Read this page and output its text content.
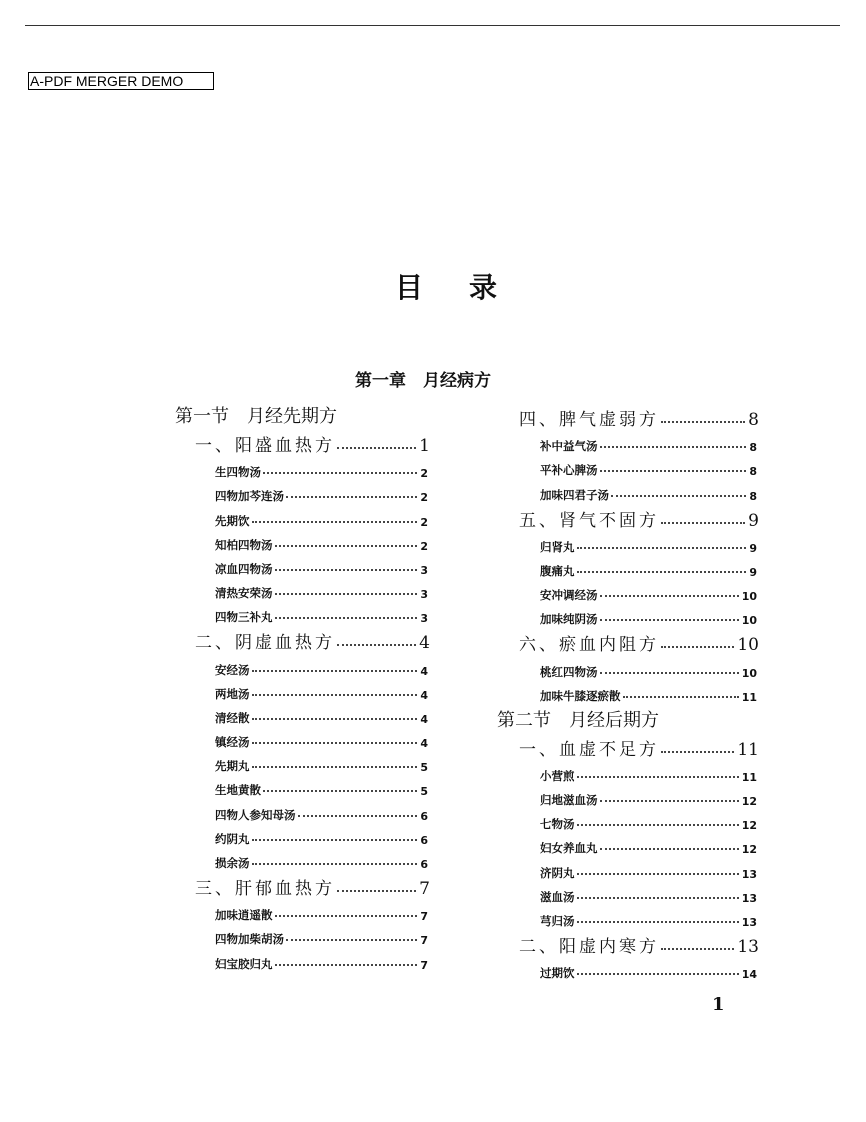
A-PDF MERGER DEMO
目录
第一章　月经病方
第一节　月经先期方
一、阳盛血热方	1
生四物汤	2
四物加芩连汤	2
先期饮	2
知柏四物汤	2
凉血四物汤	3
清热安荣汤	3
四物三补丸	3
二、阴虚血热方	4
安经汤	4
两地汤	4
清经散	4
镇经汤	4
先期丸	5
生地黄散	5
四物人参知母汤	6
约阴丸	6
损余汤	6
三、肝郁血热方	7
加味逍遥散	7
四物加柴胡汤	7
妇宝胶归丸	7
四、脾气虚弱方	8
补中益气汤	8
平补心脾汤	8
加味四君子汤	8
五、肾气不固方	9
归肾丸	9
腹痛丸	9
安冲调经汤	10
加味纯阴汤	10
六、瘀血内阻方	10
桃红四物汤	10
加味牛膝逐瘀散	11
第二节　月经后期方
一、血虚不足方	11
小营煎	11
归地滋血汤	12
七物汤	12
妇女养血丸	12
济阴丸	13
滋血汤	13
芎归汤	13
二、阳虚内寒方	13
过期饮	14
1
